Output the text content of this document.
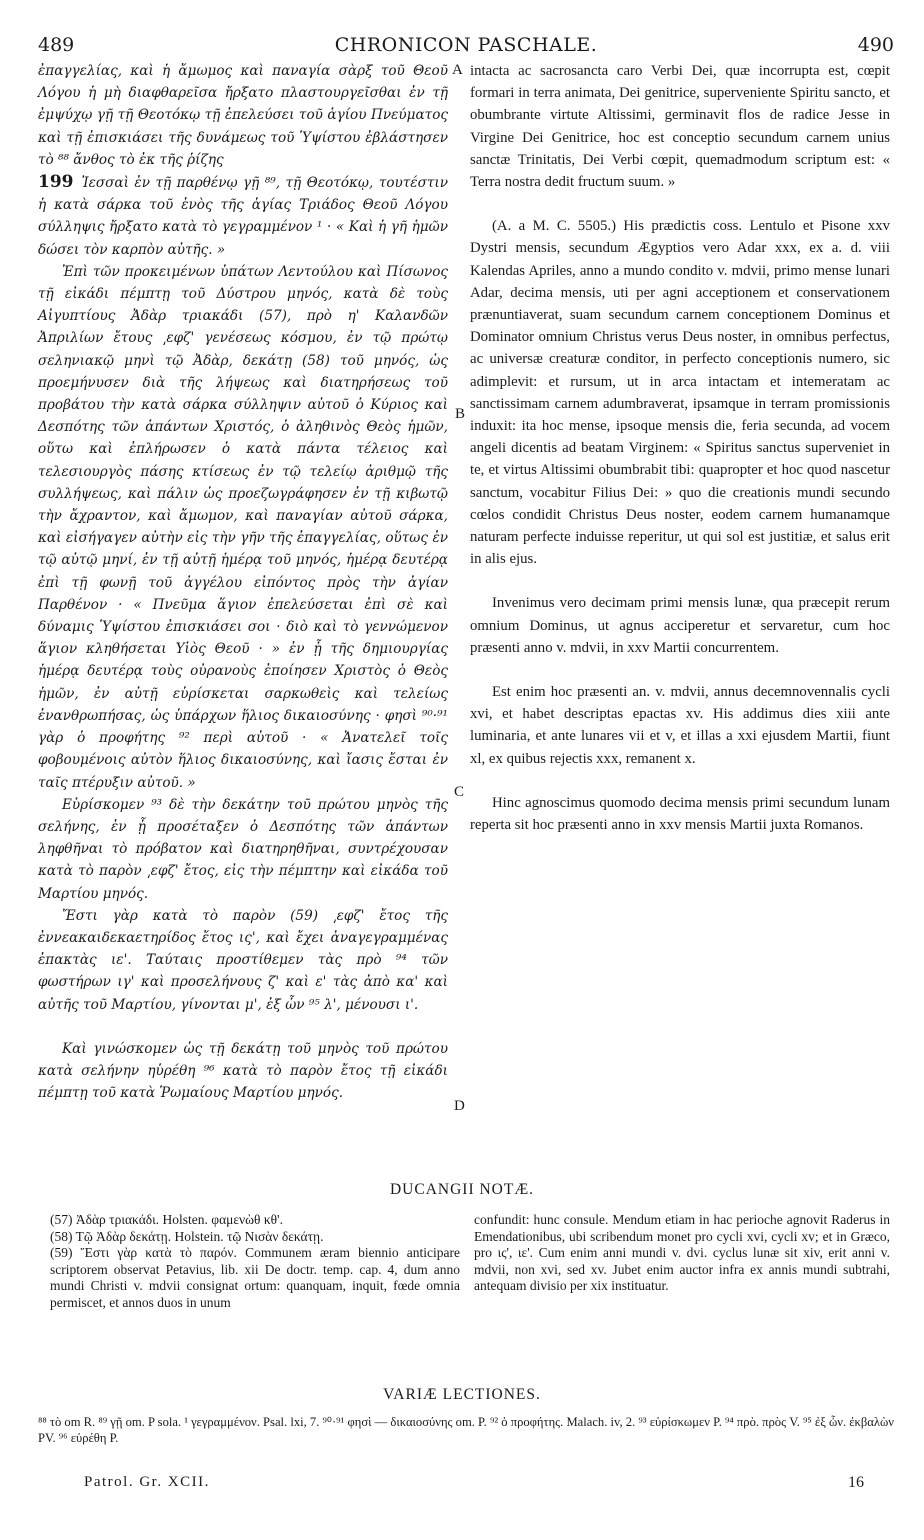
489	CHRONICON PASCHALE.	490

ἐπαγγελίας, καὶ ἡ ἄμωμος καὶ παναγία σὰρξ τοῦ Θεοῦ Λόγου ἡ μὴ διαφθαρεῖσα ἤρξατο πλαστουργεῖσθαι ἐν τῇ ἐμψύχῳ γῇ τῇ Θεοτόκῳ τῇ ἐπελεύσει τοῦ ἁγίου Πνεύματος καὶ τῇ ἐπισκιάσει τῆς δυνάμεως τοῦ Ὑψίστου ἐβλάστησεν τὸ ⁸⁸ ἄνθος τὸ ἐκ τῆς ῥίζης

199 Ἰεσσαὶ ἐν τῇ παρθένῳ γῇ ⁸⁹, τῇ Θεοτόκῳ, τουτέστιν ἡ κατὰ σάρκα τοῦ ἑνὸς τῆς ἁγίας Τριάδος Θεοῦ Λόγου σύλληψις ἤρξατο κατὰ τὸ γεγραμμένον ¹ · « Καὶ ἡ γῆ ἡμῶν δώσει τὸν καρπὸν αὐτῆς. »

Ἐπὶ τῶν προκειμένων ὑπάτων Λεντούλου καὶ Πίσωνος τῇ εἰκάδι πέμπτῃ τοῦ Δύστρου μηνός, κατὰ δὲ τοὺς Αἰγυπτίους Ἀδὰρ τριακάδι (57), πρὸ η' Καλανδῶν Ἀπριλίων ἔτους ͵εφζ' γενέσεως κόσμου, ἐν τῷ πρώτῳ σεληνιακῷ μηνὶ τῷ Ἀδὰρ, δεκάτῃ (58) τοῦ μηνός, ὡς προεμήνυσεν διὰ τῆς λήψεως καὶ διατηρήσεως τοῦ προβάτου τὴν κατὰ σάρκα σύλληψιν αὐτοῦ ὁ Κύριος καὶ Δεσπότης τῶν ἁπάντων Χριστός, ὁ ἀληθινὸς Θεὸς ἡμῶν, οὕτω καὶ ἐπλήρωσεν ὁ κατὰ πάντα τέλειος καὶ τελεσιουργὸς πάσης κτίσεως ἐν τῷ τελείῳ ἀριθμῷ τῆς συλλήψεως, καὶ πάλιν ὡς προεζωγράφησεν ἐν τῇ κιβωτῷ τὴν ἄχραντον, καὶ ἄμωμον, καὶ παναγίαν αὐτοῦ σάρκα, καὶ εἰσήγαγεν αὐτὴν εἰς τὴν γῆν τῆς ἐπαγγελίας, οὕτως ἐν τῷ αὐτῷ μηνί, ἐν τῇ αὐτῇ ἡμέρᾳ τοῦ μηνός, ἡμέρᾳ δευτέρᾳ ἐπὶ τῇ φωνῇ τοῦ ἀγγέλου εἰπόντος πρὸς τὴν ἁγίαν Παρθένον · « Πνεῦμα ἅγιον ἐπελεύσεται ἐπὶ σὲ καὶ δύναμις Ὑψίστου ἐπισκιάσει σοι · διὸ καὶ τὸ γεννώμενον ἅγιον κληθήσεται Υἱὸς Θεοῦ · » ἐν ᾗ τῆς δημιουργίας ἡμέρᾳ δευτέρᾳ τοὺς οὐρανοὺς ἐποίησεν Χριστὸς ὁ Θεὸς ἡμῶν, ἐν αὐτῇ εὑρίσκεται σαρκωθεὶς καὶ τελείως ἐνανθρωπήσας, ὡς ὑπάρχων ἥλιος δικαιοσύνης · φησὶ ⁹⁰·⁹¹ γὰρ ὁ προφήτης ⁹² περὶ αὐτοῦ · « Ἀνατελεῖ τοῖς φοβουμένοις αὐτὸν ἥλιος δικαιοσύνης, καὶ ἴασις ἔσται ἐν ταῖς πτέρυξιν αὐτοῦ. »

Εὑρίσκομεν ⁹³ δὲ τὴν δεκάτην τοῦ πρώτου μηνὸς τῆς σελήνης, ἐν ᾗ προσέταξεν ὁ Δεσπότης τῶν ἁπάντων ληφθῆναι τὸ πρόβατον καὶ διατηρηθῆναι, συντρέχουσαν κατὰ τὸ παρὸν ͵εφζ' ἔτος, εἰς τὴν πέμπτην καὶ εἰκάδα τοῦ Μαρτίου μηνός.

Ἔστι γὰρ κατὰ τὸ παρὸν (59) ͵εφζ' ἔτος τῆς ἐννεακαιδεκαετηρίδος ἔτος ις', καὶ ἔχει ἀναγεγραμμένας ἐπακτὰς ιε'. Ταύταις προστίθεμεν τὰς πρὸ ⁹⁴ τῶν φωστήρων ιγ' καὶ προσελήνους ζ' καὶ ε' τὰς ἀπὸ κα' καὶ αὐτῆς τοῦ Μαρτίου, γίνονται μ', ἐξ ὧν ⁹⁵ λ', μένουσι ι'.

Καὶ γινώσκομεν ὡς τῇ δεκάτῃ τοῦ μηνὸς τοῦ πρώτου κατὰ σελήνην ηὑρέθη ⁹⁶ κατὰ τὸ παρὸν ἔτος τῇ εἰκάδι πέμπτῃ τοῦ κατὰ Ῥωμαίους Μαρτίου μηνός.

A
B
C
D

intacta ac sacrosancta caro Verbi Dei, quæ incorrupta est, cœpit formari in terra animata, Dei genitrice, superveniente Spiritu sancto, et obumbrante virtute Altissimi, germinavit flos de radice Jesse in Virgine Dei Genitrice, hoc est conceptio secundum carnem unius sanctæ Trinitatis, Dei Verbi cœpit, quemadmodum scriptum est: « Terra nostra dedit fructum suum. »

(A. a M. C. 5505.) His prædictis coss. Lentulo et Pisone xxv Dystri mensis, secundum Ægyptios vero Adar xxx, ex a. d. viii Kalendas Apriles, anno a mundo condito v. mdvii, primo mense lunari Adar, decima mensis, uti per agni acceptionem et conservationem prænuntiaverat, suam secundum carnem conceptionem Dominus et Dominator omnium Christus verus Deus noster, in omnibus perfectus, ac universæ creaturæ conditor, in perfecto conceptionis numero, sic adimplevit: et rursum, ut in arca intactam et intemeratam ac sanctissimam carnem adumbraverat, ipsamque in terram promissionis induxit: ita hoc mense, ipsoque mensis die, feria secunda, ad vocem angeli dicentis ad beatam Virginem: « Spiritus sanctus superveniet in te, et virtus Altissimi obumbrabit tibi: quapropter et hoc quod nascetur sanctum, vocabitur Filius Dei: » quo die creationis mundi secundo cœlos condidit Christus Deus noster, eodem carnem humanamque naturam perfecte induisse reperitur, ut qui sol est justitiæ, et salus erit in alis ejus.

Invenimus vero decimam primi mensis lunæ, qua præcepit rerum omnium Dominus, ut agnus acciperetur et servaretur, cum hoc præsenti anno v. mdvii, in xxv Martii concurrentem.

Est enim hoc præsenti an. v. mdvii, annus decemnovennalis cycli xvi, et habet descriptas epactas xv. His addimus dies xiii ante luminaria, et ante lunares vii et v, et illas a xxi ejusdem Martii, fiunt xl, ex quibus rejectis xxx, remanent x.

Hinc agnoscimus quomodo decima mensis primi secundum lunam reperta sit hoc præsenti anno in xxv mensis Martii juxta Romanos.

DUCANGII NOTÆ.

(57) Ἀδὰρ τριακάδι. Holsten. φαμενὼθ κθ'.

(58) Τῷ Ἀδὰρ δεκάτῃ. Holstein. τῷ Νισὰν δεκάτῃ.

(59) Ἔστι γὰρ κατὰ τὸ παρόν. Communem æram biennio anticipare scriptorem observat Petavius, lib. xii De doctr. temp. cap. 4, dum anno mundi Christi v. mdvii consignat ortum: quanquam, inquit, fœde omnia permiscet, et annos duos in unum

confundit: hunc consule. Mendum etiam in hac perioche agnovit Raderus in Emendationibus, ubi scribendum monet pro cycli xvi, cycli xv; et in Græco, pro ις', ιε'. Cum enim anni mundi v. dvi. cyclus lunæ sit xiv, erit anni v. mdvii, non xvi, sed xv. Jubet enim auctor infra ex annis mundi subtrahi, antequam divisio per xix instituatur.
VARIÆ LECTIONES.
⁸⁸ τὸ om R. ⁸⁹ γῇ om. P sola. ¹ γεγραμμένον. Psal. lxi, 7. ⁹⁰·⁹¹ φησὶ — δικαιοσύνης om. P. ⁹² ὁ προφήτης. Malach. iv, 2. ⁹³ εὑρίσκωμεν P. ⁹⁴ πρὸ. πρὸς V. ⁹⁵ ἐξ ὧν. ἐκβαλὼν PV. ⁹⁶ εὑρέθη P.
Patrol. Gr. XCII.	16
